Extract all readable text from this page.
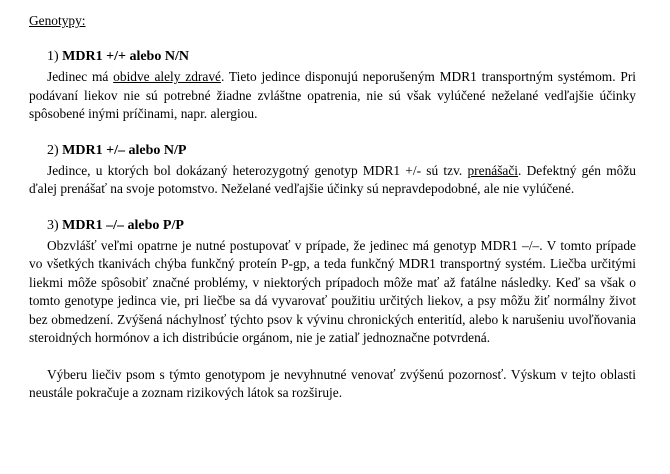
Genotypy:

1) MDR1 +/+ alebo N/N

Jedinec má obidve alely zdravé. Tieto jedince disponujú neporušeným MDR1 transportným systémom. Pri podávaní liekov nie sú potrebné žiadne zvláštne opatrenia, nie sú však vylúčené neželané vedľajšie účinky spôsobené inými príčinami, napr. alergiou.

2) MDR1 +/– alebo N/P

Jedince, u ktorých bol dokázaný heterozygotný genotyp MDR1 +/- sú tzv. prenášači. Defektný gén môžu ďalej prenášať na svoje potomstvo. Neželané vedľajšie účinky sú nepravdepodobné, ale nie vylúčené.

3) MDR1 –/– alebo P/P

Obzvlášť veľmi opatrne je nutné postupovať v prípade, že jedinec má genotyp MDR1 –/–. V tomto prípade vo všetkých tkanivách chýba funkčný proteín P-gp, a teda funkčný MDR1 transportný systém. Liečba určitými liekmi môže spôsobiť značné problémy, v niektorých prípadoch môže mať až fatálne následky. Keď sa však o tomto genotype jedinca vie, pri liečbe sa dá vyvarovať použitiu určitých liekov, a psy môžu žiť normálny život bez obmedzení. Zvýšená náchylnosť týchto psov k vývinu chronických enteritíd, alebo k narušeniu uvoľňovania steroidných hormónov a ich distribúcie orgánom, nie je zatiaľ jednoznačne potvrdená.

Výberu liečiv psom s týmto genotypom je nevyhnutné venovať zvýšenú pozornosť. Výskum v tejto oblasti neustále pokračuje a zoznam rizikových látok sa rozširuje.
